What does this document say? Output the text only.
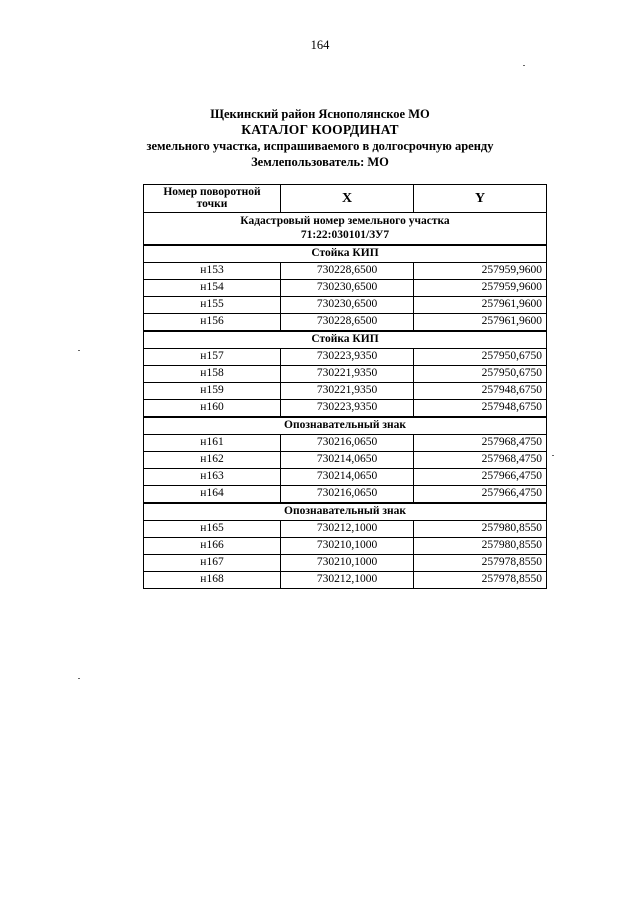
164
Щекинский район Яснополянское МО
КАТАЛОГ КООРДИНАТ
земельного участка, испрашиваемого в долгосрочную аренду
Землепользователь: МО
Номер поворотной
точки	X	Y
Кадастровый номер земельного участка
71:22:030101/ЗУ7		
Стойка КИП		
н153	730228,6500	257959,9600
н154	730230,6500	257959,9600
н155	730230,6500	257961,9600
н156	730228,6500	257961,9600
Стойка КИП		
н157	730223,9350	257950,6750
н158	730221,9350	257950,6750
н159	730221,9350	257948,6750
н160	730223,9350	257948,6750
Опознавательный знак		
н161	730216,0650	257968,4750
н162	730214,0650	257968,4750
н163	730214,0650	257966,4750
н164	730216,0650	257966,4750
Опознавательный знак		
н165	730212,1000	257980,8550
н166	730210,1000	257980,8550
н167	730210,1000	257978,8550
н168	730212,1000	257978,8550
